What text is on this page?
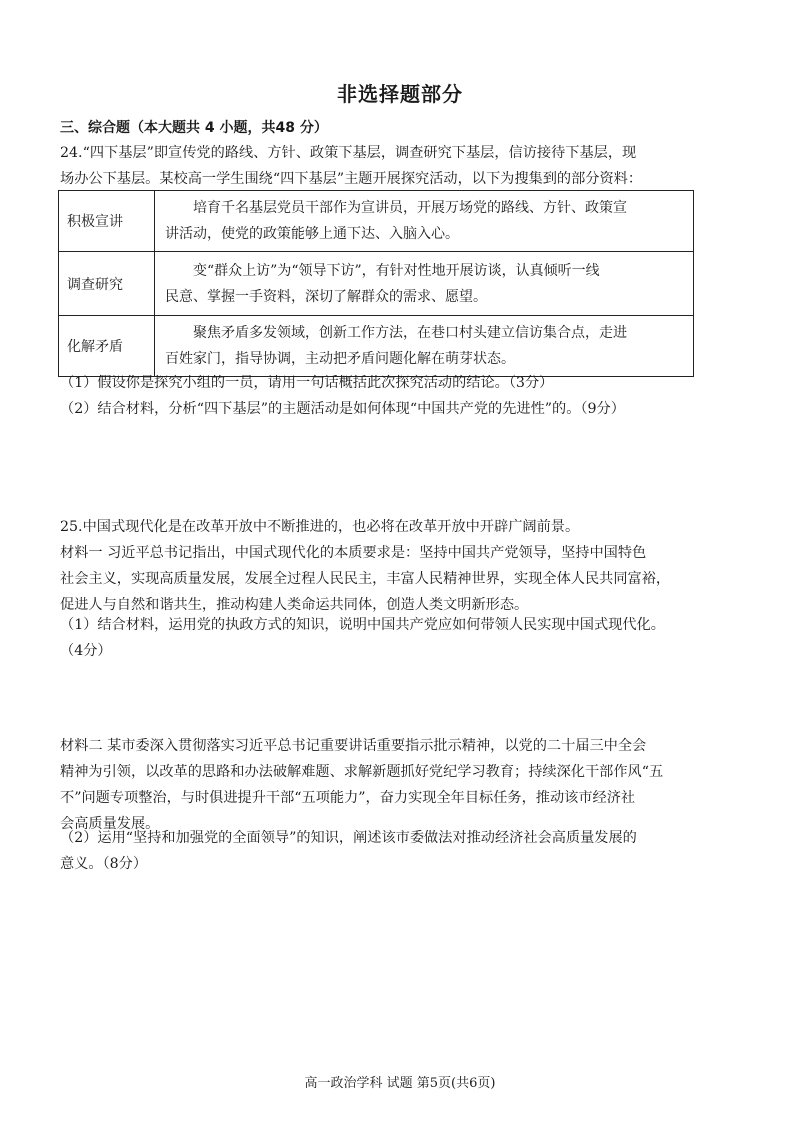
非选择题部分
三、综合题（本大题共 4 小题，共48 分）
24.“四下基层”即宣传党的路线、方针、政策下基层，调查研究下基层，信访接待下基层，现
场办公下基层。某校高一学生围绕“四下基层”主题开展探究活动，以下为搜集到的部分资料：
积极宣讲	培育千名基层党员干部作为宣讲员，开展万场党的路线、方针、政策宣
讲活动，使党的政策能够上通下达、入脑入心。

调查研究	变“群众上访”为“领导下访”，有针对性地开展访谈，认真倾听一线
民意、掌握一手资料，深切了解群众的需求、愿望。

化解矛盾	聚焦矛盾多发领域，创新工作方法，在巷口村头建立信访集合点，走进
百姓家门，指导协调，主动把矛盾问题化解在萌芽状态。
（1）假设你是探究小组的一员，请用一句话概括此次探究活动的结论。（3分）
（2）结合材料，分析“四下基层”的主题活动是如何体现“中国共产党的先进性”的。（9分）
25.中国式现代化是在改革开放中不断推进的，也必将在改革开放中开辟广阔前景。
材料一 习近平总书记指出，中国式现代化的本质要求是：坚持中国共产党领导，坚持中国特色
社会主义，实现高质量发展，发展全过程人民民主，丰富人民精神世界，实现全体人民共同富裕，
促进人与自然和谐共生，推动构建人类命运共同体，创造人类文明新形态。
（1）结合材料，运用党的执政方式的知识，说明中国共产党应如何带领人民实现中国式现代化。
（4分）
材料二 某市委深入贯彻落实习近平总书记重要讲话重要指示批示精神，以党的二十届三中全会
精神为引领，以改革的思路和办法破解难题、求解新题抓好党纪学习教育；持续深化干部作风“五
不”问题专项整治，与时俱进提升干部“五项能力”，奋力实现全年目标任务，推动该市经济社
会高质量发展。
（2）运用“坚持和加强党的全面领导”的知识，阐述该市委做法对推动经济社会高质量发展的
意义。（8分）
高一政治学科 试题 第5页(共6页)
